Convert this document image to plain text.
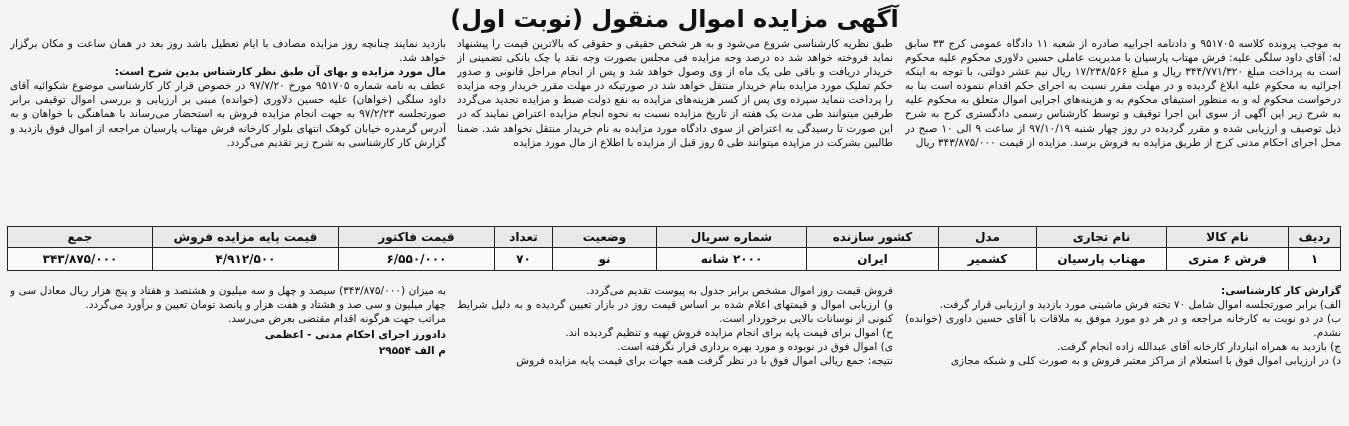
آگهی مزایده اموال منقول (نوبت اول)

به موجب پرونده کلاسه ۹۵۱۷۰۵ و دادنامه اجراییه صادره از شعبه ۱۱ دادگاه عمومی کرج ۳۳ سابق له: آقای داود سلگی علیه: فرش مهتاب پارسیان با مدیریت عاملی حسین دلاوری محکوم علیه محکوم است به پرداخت مبلغ ۳۴۴/۷۷۱/۳۲۰ ریال و مبلغ ۱۷/۲۳۸/۵۶۶ ریال نیم عشر دولتی، با توجه به اینکه اجرائیه به محکوم علیه ابلاغ گردیده و در مهلت مقرر نسبت به اجرای حکم اقدام ننموده است بنا به درخواست محکوم له و به منظور استیفای محکوم به و هزینه‌های اجرایی اموال متعلق به محکوم علیه به شرح زیر این آگهی از سوی این اجرا توقیف و توسط کارشناس رسمی دادگستری کرج به شرح ذیل توصیف و ارزیابی شده و مقرر گردیده در روز چهار شنبه ۹۷/۱۰/۱۹ از ساعت ۹ الی ۱۰ صبح در محل اجرای احکام مدنی کرج از طریق مزایده به فروش برسد. مزایده از قیمت ۳۴۳/۸۷۵/۰۰۰ ریال

طبق نظریه کارشناسی شروع می‌شود و به هر شخص حقیقی و حقوقی که بالاترین قیمت را پیشنهاد نماید فروخته خواهد شد ده درصد وجه مزایده فی مجلس بصورت وجه نقد یا چک بانکی تضمینی از خریدار دریافت و باقی طی یک ماه از وی وصول خواهد شد و پس از انجام مراحل قانونی و صدور حکم تملیک مورد مزایده بنام خریدار منتقل خواهد شد در صورتیکه در مهلت مقرر خریدار وجه مزایده را پرداخت ننماید سپرده وی پس از کسر هزینه‌های مزایده به نفع دولت ضبط و مزایده تجدید می‌گردد طرفین میتوانند طی مدت یک هفته از تاریخ مزایده نسبت به نحوه انجام مزایده اعتراض نمایند که در این صورت تا رسیدگی به اعتراض از سوی دادگاه مورد مزایده به نام خریدار منتقل نخواهد شد. ضمنا طالبین بشرکت در مزایده میتوانند طی ۵ روز قبل از مزایده با اطلاع از مال مورد مزایده

بازدید نمایند چنانچه روز مزایده مصادف با ایام تعطیل باشد روز بعد در همان ساعت و مکان برگزار خواهد شد.

مال مورد مزایده و بهای آن طبق نظر کارشناس بدین شرح است:

عطف به نامه شماره ۹۵۱۷۰۵ مورخ ۹۷/۷/۲۰ در خصوص قرار کار کارشناسی موضوع شکوائیه آقای داود سلگی (خواهان) علیه حسین دلاوری (خوانده) مبنی بر ارزیابی و بررسی اموال توقیفی برابر صورتجلسه ۹۷/۲/۲۳ به جهت انجام مزایده فروش به استحضار می‌رساند با هماهنگی با خواهان و به آدرس گرمدره خیابان کوهک انتهای بلوار کارخانه فرش مهتاب پارسیان مراجعه از اموال فوق بازدید و گزارش کار کارشناسی به شرح زیر تقدیم می‌گردد.

ردیف	نام کالا	نام تجاری	مدل	کشور سازنده	شماره سریال	وضعیت	تعداد	قیمت فاکتور	قیمت پایه مزایده فروش	جمع
۱	فرش ۶ متری	مهتاب پارسیان	کشمیر	ایران	۲۰۰۰ شانه	نو	۷۰	۶/۵۵۰/۰۰۰	۴/۹۱۲/۵۰۰	۳۴۳/۸۷۵/۰۰۰

گزارش کار کارشناسی:

الف) برابر صورتجلسه اموال شامل ۷۰ تخته فرش ماشینی مورد بازدید و ارزیابی قرار گرفت.

ب) در دو نوبت به کارخانه مراجعه و در هر دو مورد موفق به ملاقات با آقای حسین داوری (خوانده) نشدم.

ج) بازدید به همراه انباردار کارخانه آقای عبدالله زاده انجام گرفت.

د) در ارزیابی اموال فوق با استعلام از مراکز معتبر فروش و به صورت کلی و شبکه مجازی

فروش قیمت روز اموال مشخص برابر جدول به پیوست تقدیم می‌گردد.

و) ارزیابی اموال و قیمتهای اعلام شده بر اساس قیمت روز در بازار تعیین گردیده و به دلیل شرایط کنونی از نوسانات بالایی برخوردار است.

ح) اموال برای قیمت پایه برای انجام مزایده فروش تهیه و تنظیم گردیده اند.

ی) اموال فوق در نوبوده و مورد بهره برداری قرار نگرفته است.

نتیجه: جمع ریالی اموال فوق با در نظر گرفت همه جهات برای قیمت پایه مزایده فروش

به میزان (۳۴۳/۸۷۵/۰۰۰) سیصد و چهل و سه میلیون و هشتصد و هفتاد و پنج هزار ریال معادل سی و چهار میلیون و سی صد و هشتاد و هفت هزار و پانصد تومان تعیین و برآورد می‌گردد.

مراتب جهت هرگونه اقدام مقتضی بعرض می‌رسد.

دادورز اجرای احکام مدنی - اعظمی
م الف ۲۹۵۵۴
